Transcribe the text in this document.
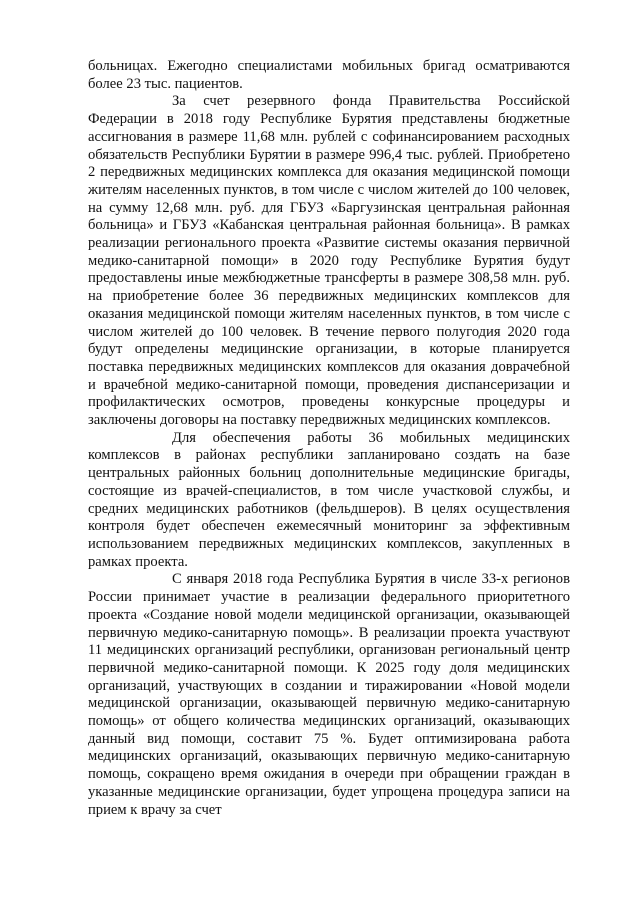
больницах. Ежегодно специалистами мобильных бригад осматриваются более 23 тыс. пациентов.

За счет резервного фонда Правительства Российской Федерации в 2018 году Республике Бурятия представлены бюджетные ассигнования в размере 11,68 млн. рублей с софинансированием расходных обязательств Республики Бурятии в размере 996,4 тыс. рублей. Приобретено 2 передвижных медицинских комплекса для оказания медицинской помощи жителям населенных пунктов, в том числе с числом жителей до 100 человек, на сумму 12,68 млн. руб. для ГБУЗ «Баргузинская центральная районная больница» и ГБУЗ «Кабанская центральная районная больница». В рамках реализации регионального проекта «Развитие системы оказания первичной медико-санитарной помощи» в 2020 году Республике Бурятия будут предоставлены иные межбюджетные трансферты в размере 308,58 млн. руб. на приобретение более 36 передвижных медицинских комплексов для оказания медицинской помощи жителям населенных пунктов, в том числе с числом жителей до 100 человек. В течение первого полугодия 2020 года будут определены медицинские организации, в которые планируется поставка передвижных медицинских комплексов для оказания доврачебной и врачебной медико-санитарной помощи, проведения диспансеризации и профилактических осмотров, проведены конкурсные процедуры и заключены договоры на поставку передвижных медицинских комплексов.

Для обеспечения работы 36 мобильных медицинских комплексов в районах республики запланировано создать на базе центральных районных больниц дополнительные медицинские бригады, состоящие из врачей-специалистов, в том числе участковой службы, и средних медицинских работников (фельдшеров). В целях осуществления контроля будет обеспечен ежемесячный мониторинг за эффективным использованием передвижных медицинских комплексов, закупленных в рамках проекта.

С января 2018 года Республика Бурятия в числе 33-х регионов России принимает участие в реализации федерального приоритетного проекта «Создание новой модели медицинской организации, оказывающей первичную медико-санитарную помощь». В реализации проекта участвуют 11 медицинских организаций республики, организован региональный центр первичной медико-санитарной помощи. К 2025 году доля медицинских организаций, участвующих в создании и тиражировании «Новой модели медицинской организации, оказывающей первичную медико-санитарную помощь» от общего количества медицинских организаций, оказывающих данный вид помощи, составит 75 %. Будет оптимизирована работа медицинских организаций, оказывающих первичную медико-санитарную помощь, сокращено время ожидания в очереди при обращении граждан в указанные медицинские организации, будет упрощена процедура записи на прием к врачу за счет
